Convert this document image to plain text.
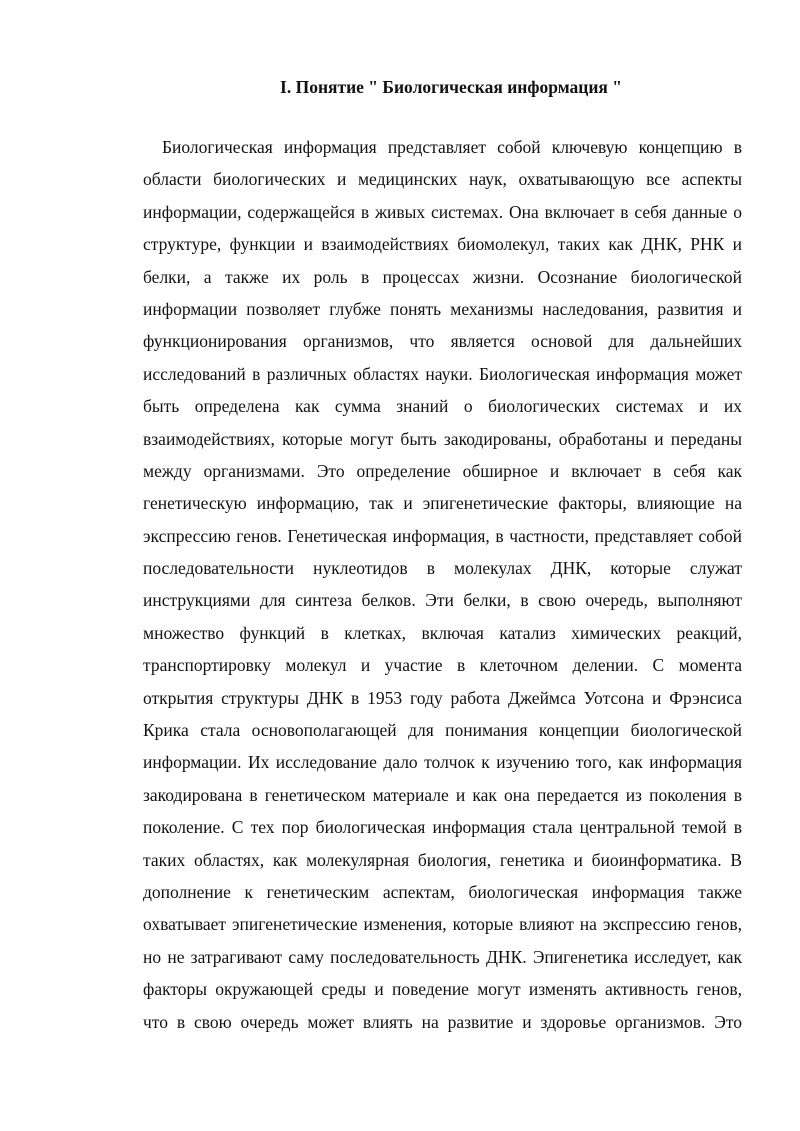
I. Понятие " Биологическая информация "
Биологическая информация представляет собой ключевую концепцию в
области биологических и медицинских наук, охватывающую все аспекты
информации, содержащейся в живых системах. Она включает в себя данные о
структуре, функции и взаимодействиях биомолекул, таких как ДНК, РНК и
белки, а также их роль в процессах жизни. Осознание биологической
информации позволяет глубже понять механизмы наследования, развития и
функционирования организмов, что является основой для дальнейших
исследований в различных областях науки. Биологическая информация может
быть определена как сумма знаний о биологических системах и их
взаимодействиях, которые могут быть закодированы, обработаны и переданы
между организмами. Это определение обширное и включает в себя как
генетическую информацию, так и эпигенетические факторы, влияющие на
экспрессию генов. Генетическая информация, в частности, представляет собой
последовательности нуклеотидов в молекулах ДНК, которые служат
инструкциями для синтеза белков. Эти белки, в свою очередь, выполняют
множество функций в клетках, включая катализ химических реакций,
транспортировку молекул и участие в клеточном делении. С момента
открытия структуры ДНК в 1953 году работа Джеймса Уотсона и Фрэнсиса
Крика стала основополагающей для понимания концепции биологической
информации. Их исследование дало толчок к изучению того, как информация
закодирована в генетическом материале и как она передается из поколения в
поколение. С тех пор биологическая информация стала центральной темой в
таких областях, как молекулярная биология, генетика и биоинформатика. В
дополнение к генетическим аспектам, биологическая информация также
охватывает эпигенетические изменения, которые влияют на экспрессию генов,
но не затрагивают саму последовательность ДНК. Эпигенетика исследует, как
факторы окружающей среды и поведение могут изменять активность генов,
что в свою очередь может влиять на развитие и здоровье организмов. Это
